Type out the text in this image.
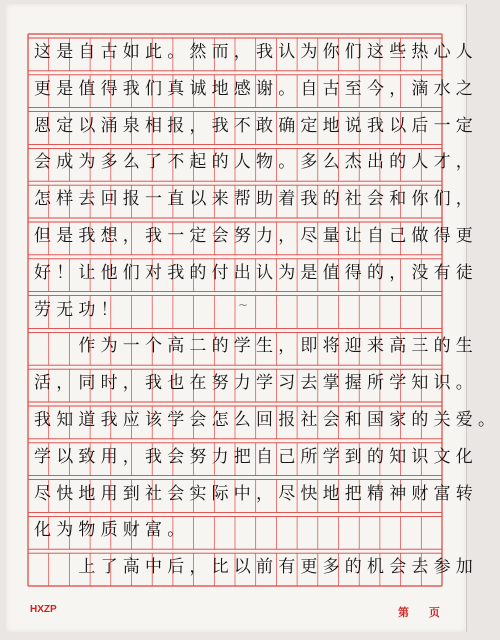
这是自古如此。然而，我认为你们这些热心人
更是值得我们真诚地感谢。自古至今，滴水之
恩定以涌泉相报，我不敢确定地说我以后一定
会成为多么了不起的人物。多么杰出的人才，
怎样去回报一直以来帮助着我的社会和你们，
但是我想，我一定会努力，尽量让自己做得更
好！让他们对我的付出认为是值得的，没有徒
劳无功！
　　作为一个高二的学生，即将迎来高三的生
活，同时，我也在努力学习去掌握所学知识。
我知道我应该学会怎么回报社会和国家的关爱。
学以致用，我会努力把自己所学到的知识文化
尽快地用到社会实际中，尽快地把精神财富转
化为物质财富。
　　上了高中后，比以前有更多的机会去参加
~
HXZP	第 页
